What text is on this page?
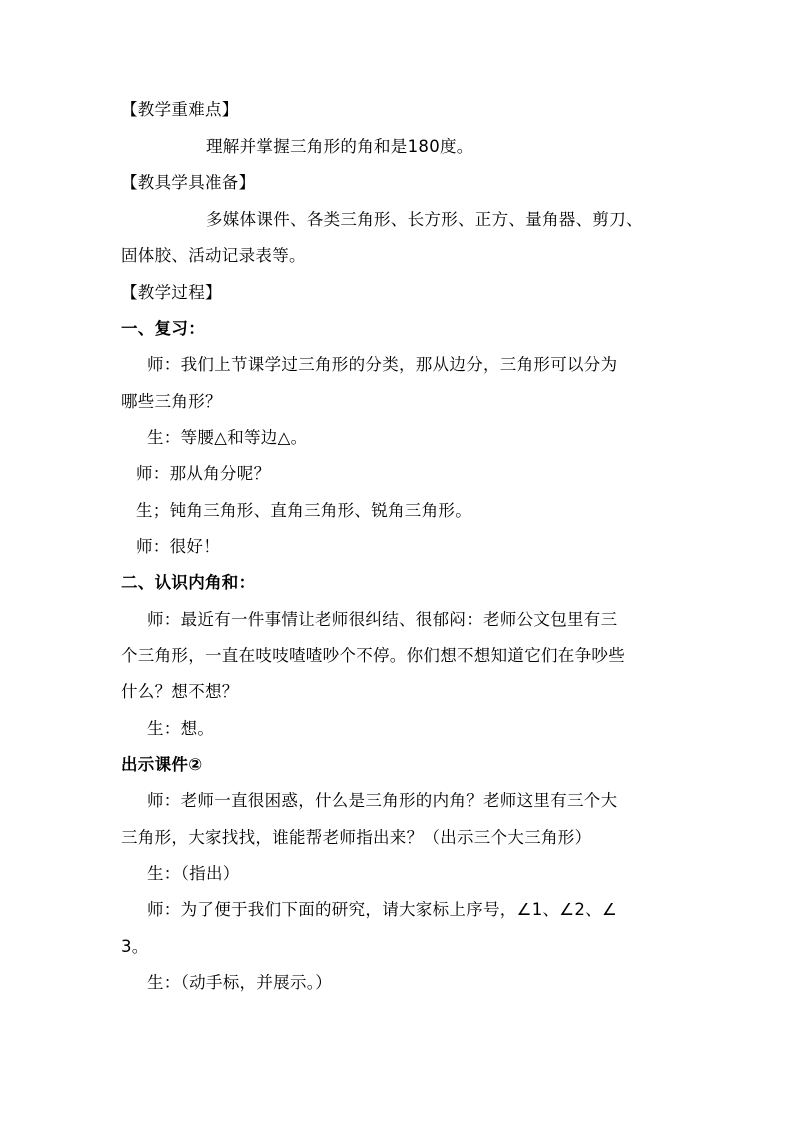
【教学重难点】
理解并掌握三角形的角和是180度。
【教具学具准备】
多媒体课件、各类三角形、长方形、正方、量角器、剪刀、
固体胶、活动记录表等。
【教学过程】
一、复习：
师：我们上节课学过三角形的分类，那从边分，三角形可以分为
哪些三角形？
生：等腰△和等边△。
师：那从角分呢？
生；钝角三角形、直角三角形、锐角三角形。
师：很好！
二、认识内角和：
师：最近有一件事情让老师很纠结、很郁闷：老师公文包里有三
个三角形，一直在吱吱喳喳吵个不停。你们想不想知道它们在争吵些
什么？想不想？
生：想。
出示课件②
师：老师一直很困惑，什么是三角形的内角？老师这里有三个大
三角形，大家找找，谁能帮老师指出来？（出示三个大三角形）
生：（指出）
师：为了便于我们下面的研究，请大家标上序号，∠1、∠2、∠
3。
生：（动手标，并展示。）
